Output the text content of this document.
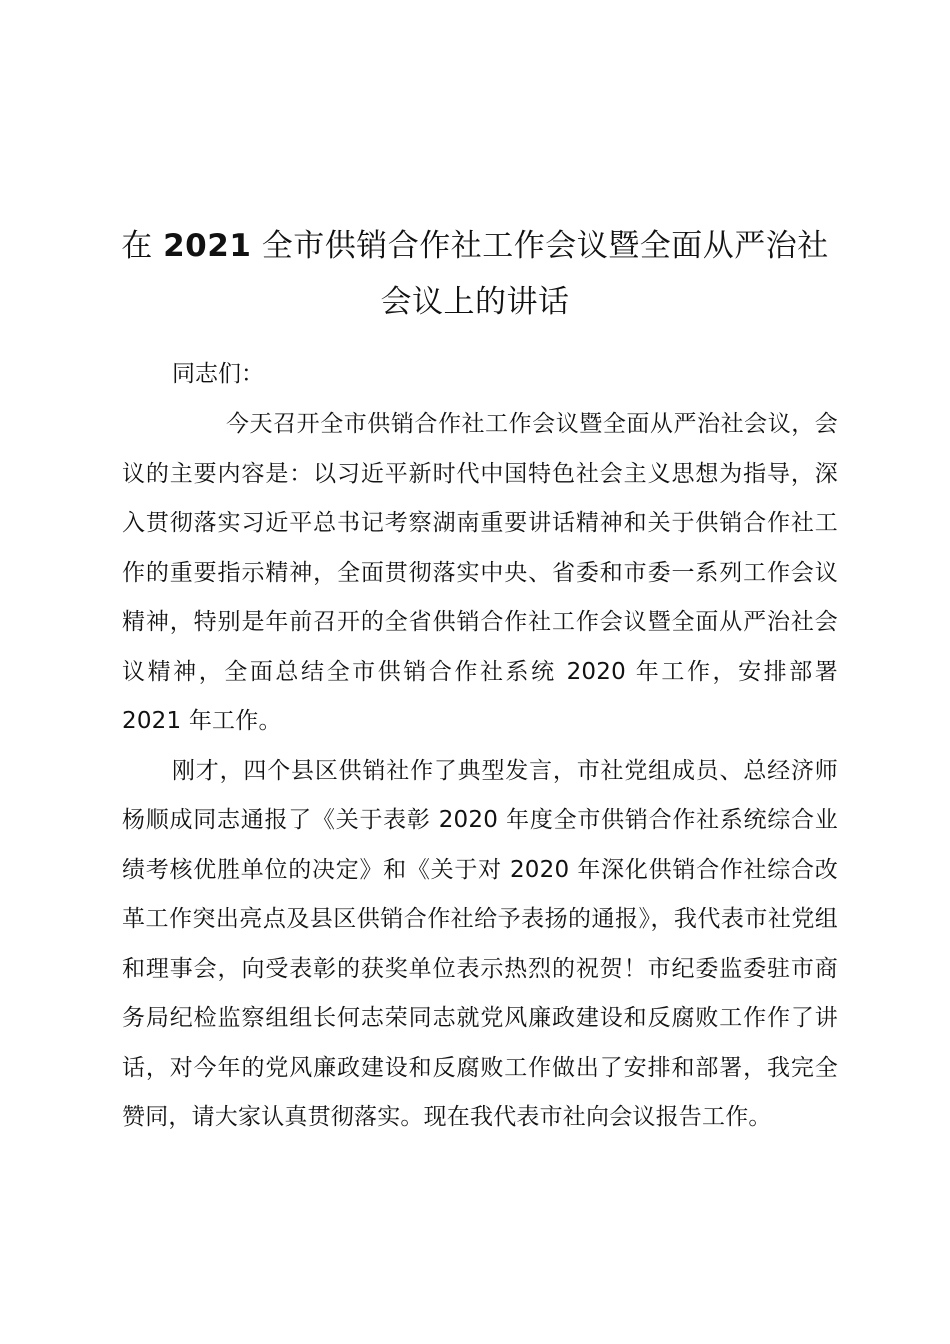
在 2021 全市供销合作社工作会议暨全面从严治社会议上的讲话

同志们：

今天召开全市供销合作社工作会议暨全面从严治社会议，会议的主要内容是：以习近平新时代中国特色社会主义思想为指导，深入贯彻落实习近平总书记考察湖南重要讲话精神和关于供销合作社工作的重要指示精神，全面贯彻落实中央、省委和市委一系列工作会议精神，特别是年前召开的全省供销合作社工作会议暨全面从严治社会议精神，全面总结全市供销合作社系统 2020 年工作，安排部署 2021 年工作。

刚才，四个县区供销社作了典型发言，市社党组成员、总经济师杨顺成同志通报了《关于表彰 2020 年度全市供销合作社系统综合业绩考核优胜单位的决定》和《关于对 2020 年深化供销合作社综合改革工作突出亮点及县区供销合作社给予表扬的通报》，我代表市社党组和理事会，向受表彰的获奖单位表示热烈的祝贺！市纪委监委驻市商务局纪检监察组组长何志荣同志就党风廉政建设和反腐败工作作了讲话，对今年的党风廉政建设和反腐败工作做出了安排和部署，我完全赞同，请大家认真贯彻落实。现在我代表市社向会议报告工作。
